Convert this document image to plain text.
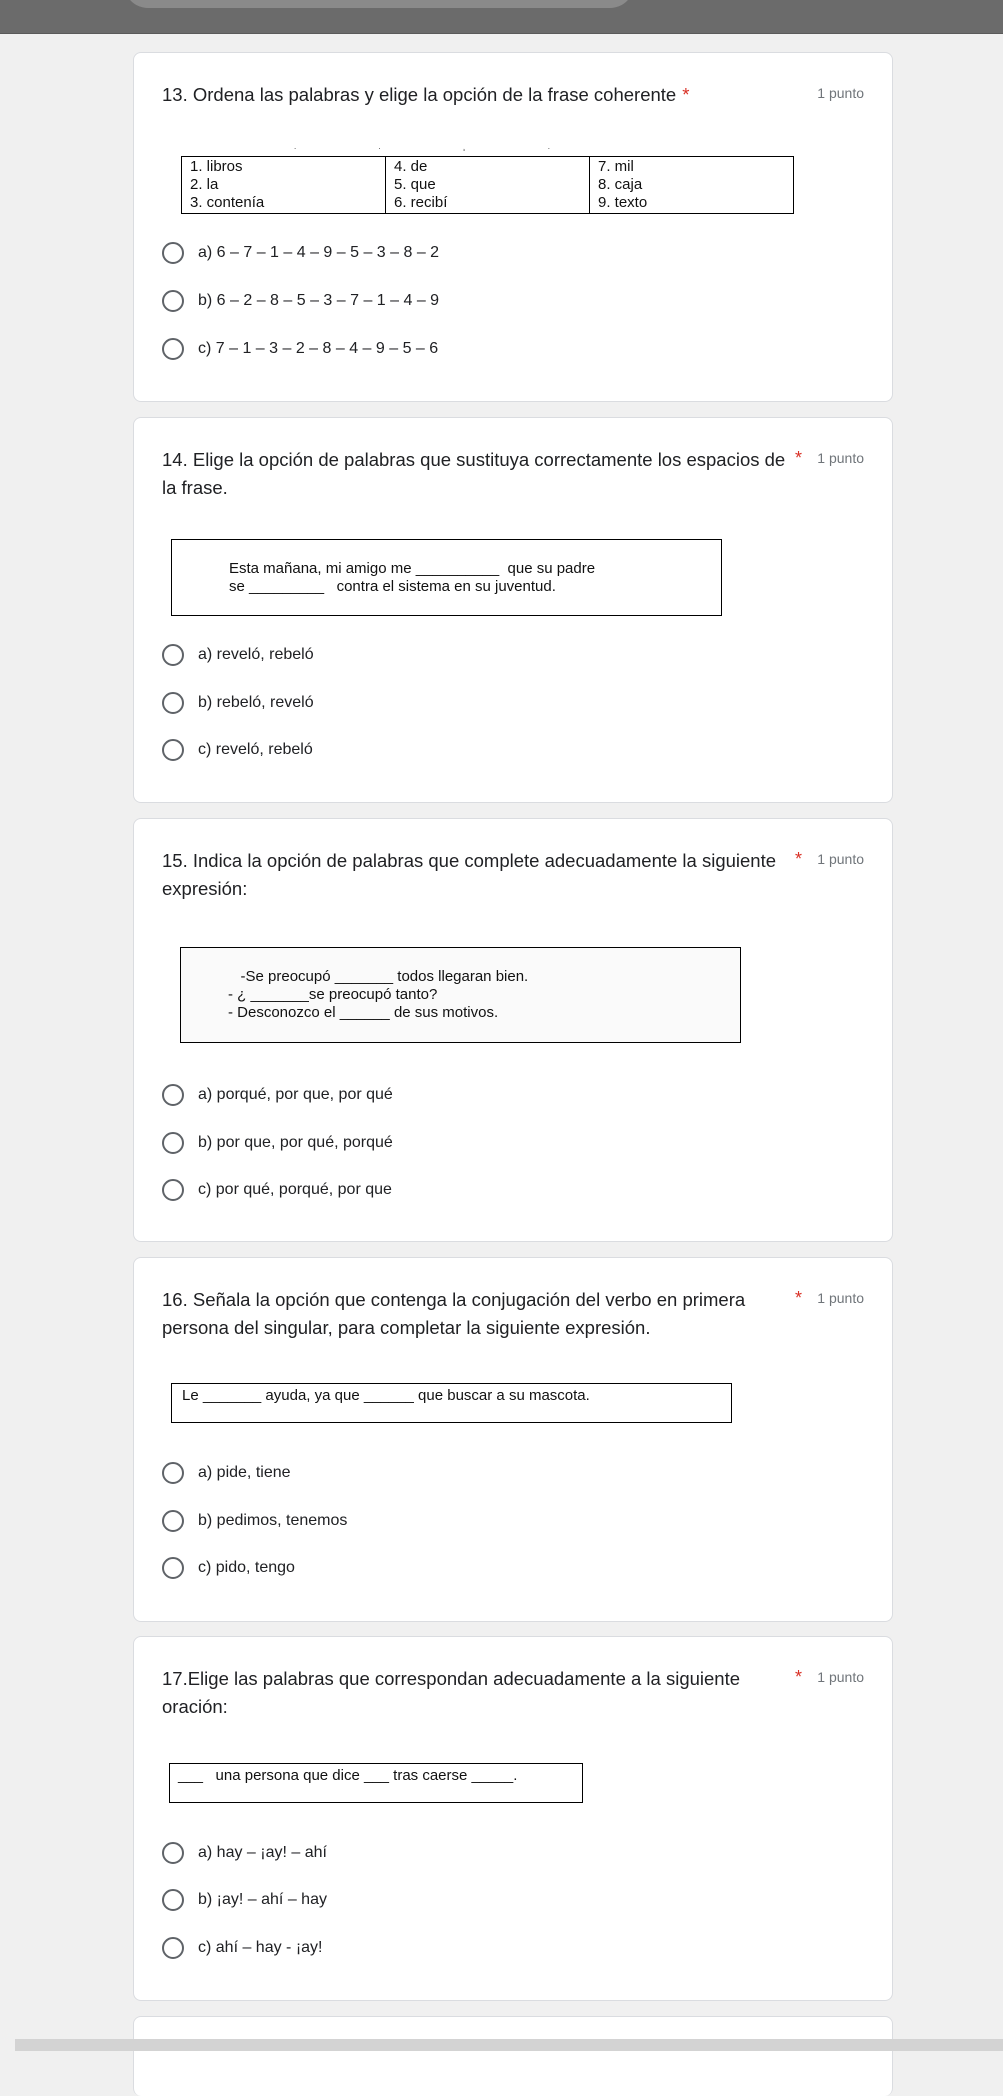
13. Ordena las palabras y elige la opción de la frase coherente *	1 punto
. . ¸ .
1. libros
2. la
3. contenía
4. de
5. que
6. recibí
7. mil
8. caja
9. texto
a) 6 – 7 – 1 – 4 – 9 – 5 – 3 – 8 – 2
b) 6 – 2 – 8 – 5 – 3 – 7 – 1 – 4 – 9
c) 7 – 1 – 3 – 2 – 8 – 4 – 9 – 5 – 6
14. Elige la opción de palabras que sustituya correctamente los espacios de la frase.
* 1 punto
Esta mañana, mi amigo me __________  que su padre
se _________   contra el sistema en su juventud.
a) reveló, rebeló
b) rebeló, reveló
c) reveló, rebeló
15. Indica la opción de palabras que complete adecuadamente la siguiente expresión:
* 1 punto
-Se preocupó _______ todos llegaran bien.
- ¿ _______se preocupó tanto?
- Desconozco el ______ de sus motivos.
a) porqué, por que, por qué
b) por que, por qué, porqué
c) por qué, porqué, por que
16. Señala la opción que contenga la conjugación del verbo en primera persona del singular, para completar la siguiente expresión.
* 1 punto
Le _______ ayuda, ya que ______ que buscar a su mascota.
a) pide, tiene
b) pedimos, tenemos
c) pido, tengo
17.Elige las palabras que correspondan adecuadamente a la siguiente oración:
* 1 punto
___   una persona que dice ___ tras caerse _____.
a) hay – ¡ay! – ahí
b) ¡ay! – ahí – hay
c) ahí – hay - ¡ay!
